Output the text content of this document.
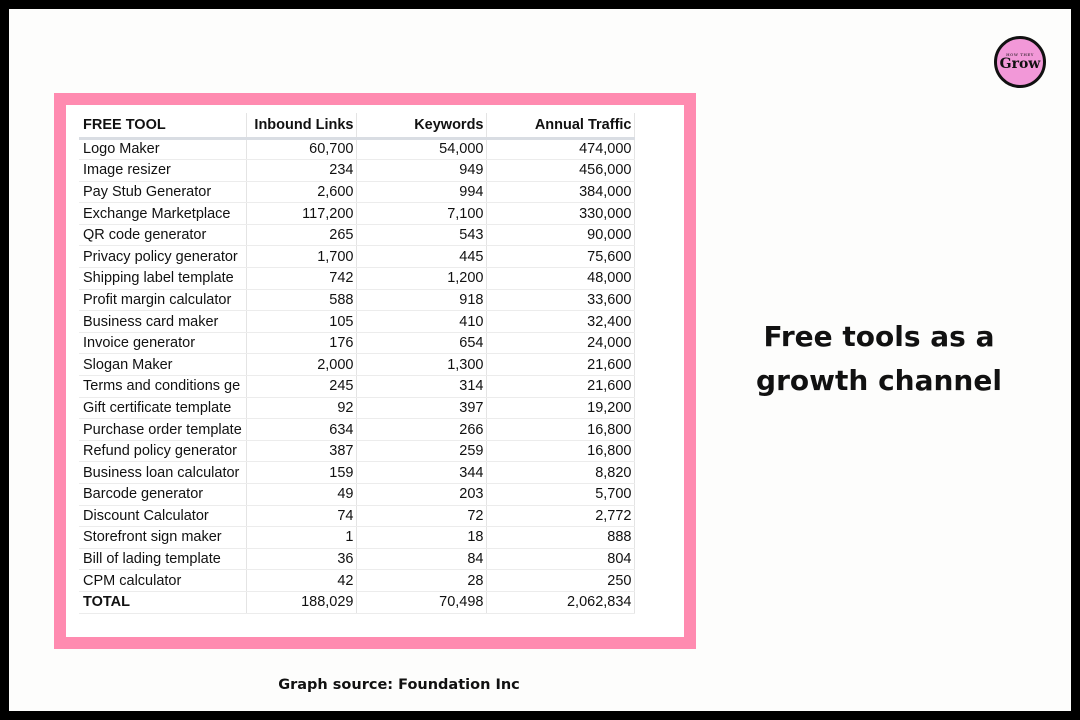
HOW THEY
Grow
FREE TOOL	Inbound Links	Keywords	Annual Traffic
Logo Maker	60,700	54,000	474,000
Image resizer	234	949	456,000
Pay Stub Generator	2,600	994	384,000
Exchange Marketplace	117,200	7,100	330,000
QR code generator	265	543	90,000
Privacy policy generator	1,700	445	75,600
Shipping label template	742	1,200	48,000
Profit margin calculator	588	918	33,600
Business card maker	105	410	32,400
Invoice generator	176	654	24,000
Slogan Maker	2,000	1,300	21,600
Terms and conditions ge	245	314	21,600
Gift certificate template	92	397	19,200
Purchase order template	634	266	16,800
Refund policy generator	387	259	16,800
Business loan calculator	159	344	8,820
Barcode generator	49	203	5,700
Discount Calculator	74	72	2,772
Storefront sign maker	1	18	888
Bill of lading template	36	84	804
CPM calculator	42	28	250
TOTAL	188,029	70,498	2,062,834
Free tools as a
growth channel
Graph source: Foundation Inc
